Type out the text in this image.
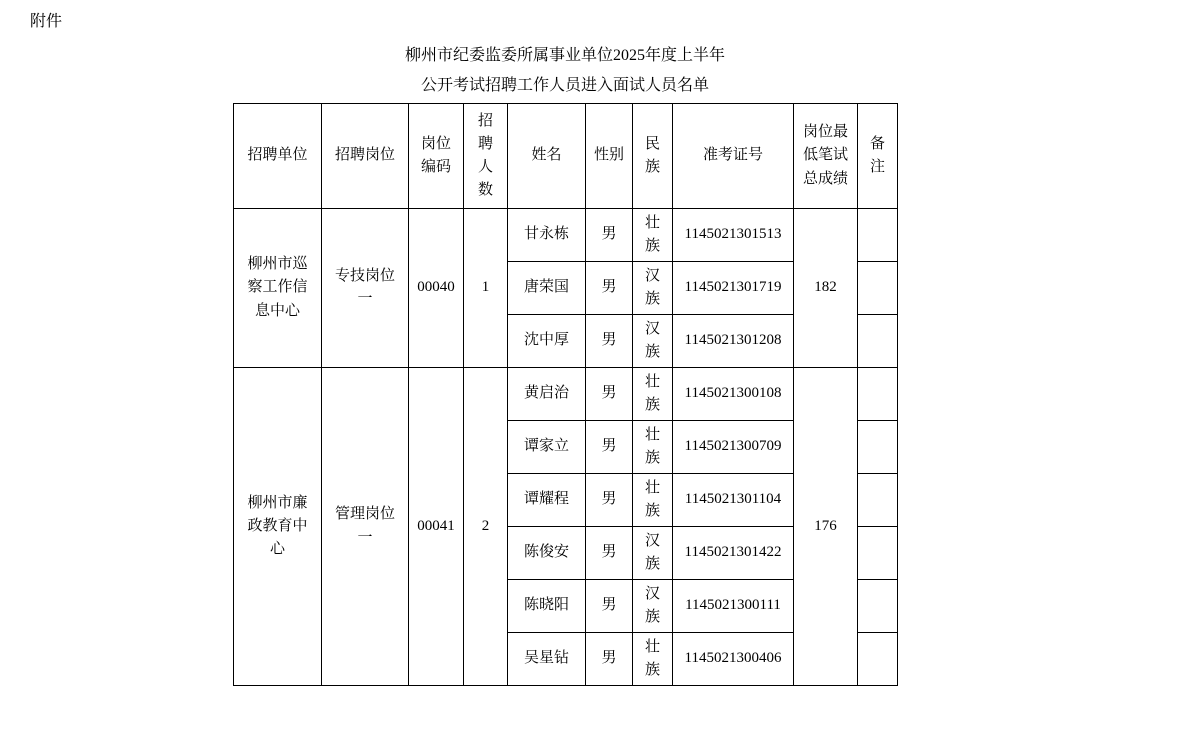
附件
柳州市纪委监委所属事业单位2025年度上半年
公开考试招聘工作人员进入面试人员名单
招聘单位	招聘岗位	岗位编码	招聘人数	姓名	性别	民族	准考证号	岗位最低笔试总成绩	备注

柳州市巡察工作信息中心	专技岗位一	00040	1	甘永栋	男	壮族	1145021301513	182	
				唐荣国	男	汉族	1145021301719		
				沈中厚	男	汉族	1145021301208		

柳州市廉政教育中心	管理岗位一	00041	2	黄启治	男	壮族	1145021300108	176	
				谭家立	男	壮族	1145021300709		
				谭耀程	男	壮族	1145021301104		
				陈俊安	男	汉族	1145021301422		
				陈晓阳	男	汉族	1145021300111		
				吴星钻	男	壮族	1145021300406		
